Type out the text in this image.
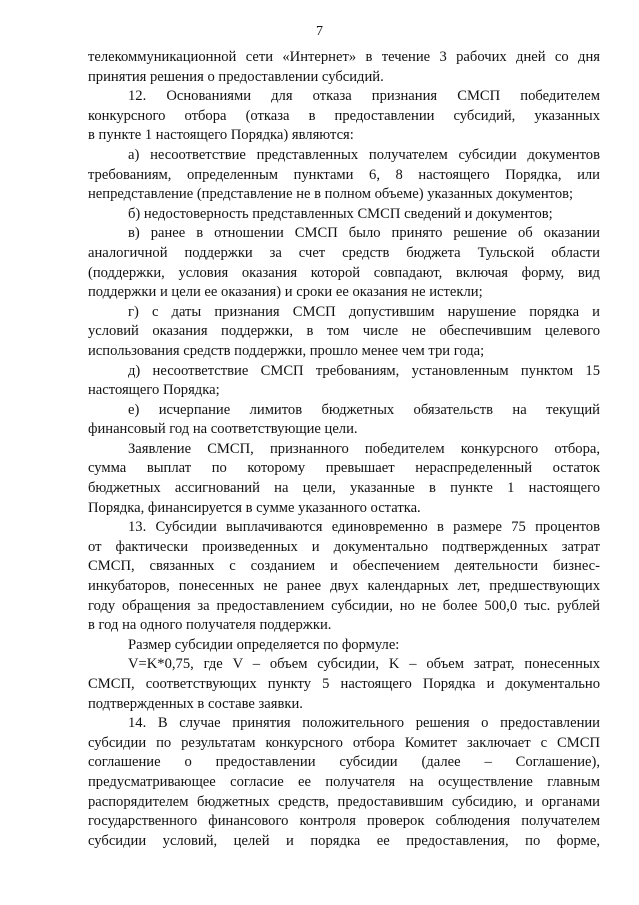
7
телекоммуникационной сети «Интернет» в течение 3 рабочих дней со дня
принятия решения о предоставлении субсидий.
12. Основаниями для отказа признания СМСП победителем
конкурсного отбора (отказа в предоставлении субсидий, указанных
в пункте 1 настоящего Порядка) являются:
а) несоответствие представленных получателем субсидии документов
требованиям, определенным пунктами 6, 8 настоящего Порядка, или
непредставление (представление не в полном объеме) указанных документов;
б) недостоверность представленных СМСП сведений и документов;
в) ранее в отношении СМСП было принято решение об оказании
аналогичной поддержки за счет средств бюджета Тульской области
(поддержки, условия оказания которой совпадают, включая форму, вид
поддержки и цели ее оказания) и сроки ее оказания не истекли;
г) с даты признания СМСП допустившим нарушение порядка и
условий оказания поддержки, в том числе не обеспечившим целевого
использования средств поддержки, прошло менее чем три года;
д) несоответствие СМСП требованиям, установленным пунктом 15
настоящего Порядка;
е) исчерпание лимитов бюджетных обязательств на текущий
финансовый год на соответствующие цели.
Заявление СМСП, признанного победителем конкурсного отбора,
сумма выплат по которому превышает нераспределенный остаток
бюджетных ассигнований на цели, указанные в пункте 1 настоящего
Порядка, финансируется в сумме указанного остатка.
13. Субсидии выплачиваются единовременно в размере 75 процентов
от фактически произведенных и документально подтвержденных затрат
СМСП, связанных с созданием и обеспечением деятельности бизнес-
инкубаторов, понесенных не ранее двух календарных лет, предшествующих
году обращения за предоставлением субсидии, но не более 500,0 тыс. рублей
в год на одного получателя поддержки.
Размер субсидии определяется по формуле:
V=K*0,75, где V – объем субсидии, K – объем затрат, понесенных
СМСП, соответствующих пункту 5 настоящего Порядка и документально
подтвержденных в составе заявки.
14. В случае принятия положительного решения о предоставлении
субсидии по результатам конкурсного отбора Комитет заключает с СМСП
соглашение о предоставлении субсидии (далее – Соглашение),
предусматривающее согласие ее получателя на осуществление главным
распорядителем бюджетных средств, предоставившим субсидию, и органами
государственного финансового контроля проверок соблюдения получателем
субсидии условий, целей и порядка ее предоставления, по форме,
